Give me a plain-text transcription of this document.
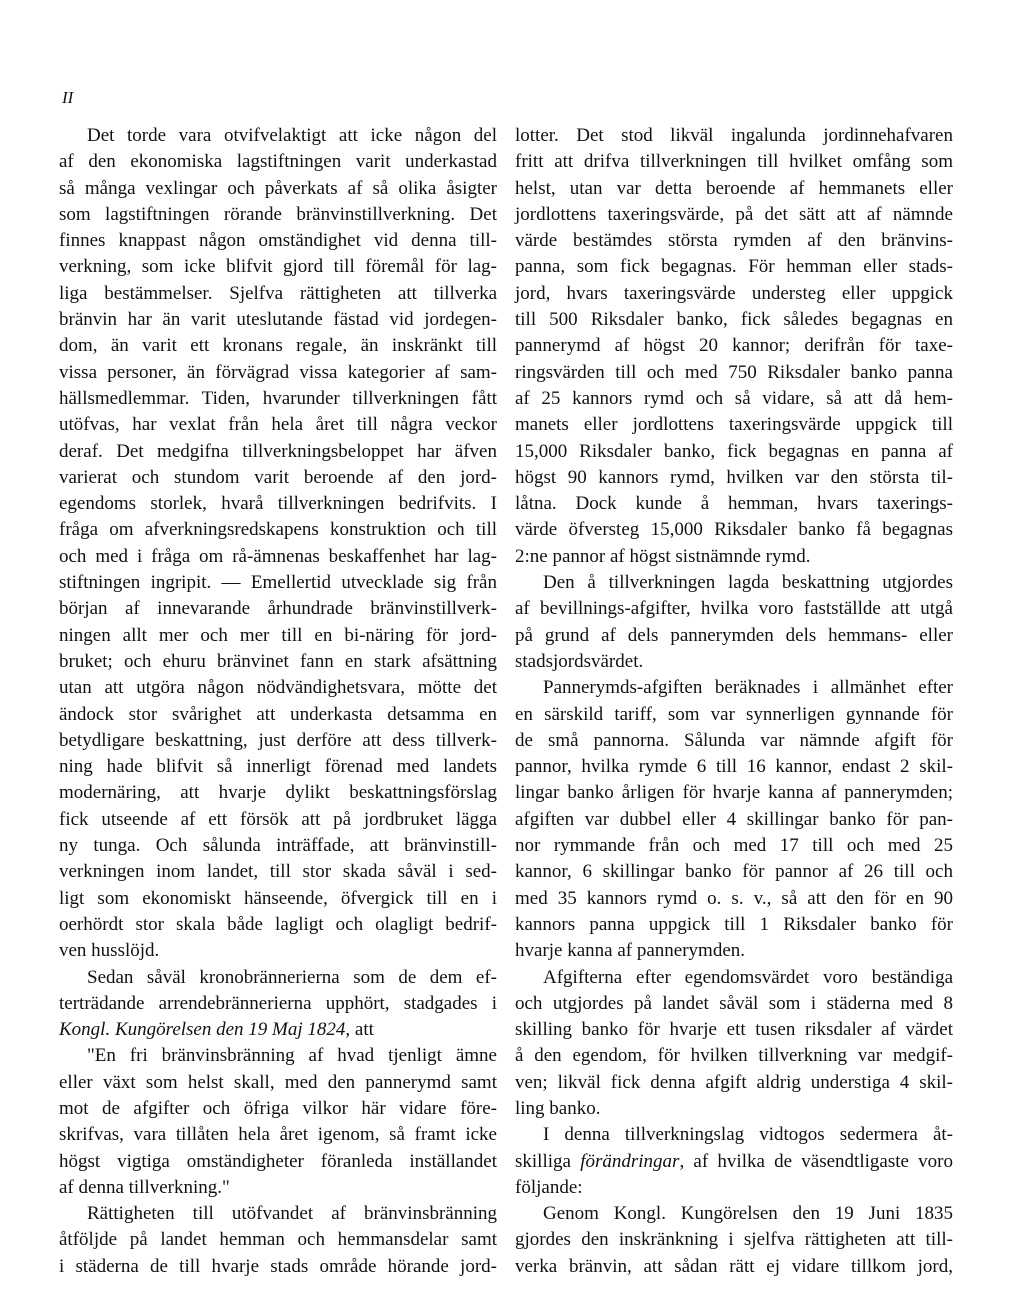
II
Det torde vara otvifvelaktigt att icke någon del
af den ekonomiska lagstiftningen varit underkastad
så många vexlingar och påverkats af så olika åsigter
som lagstiftningen rörande bränvinstillverkning. Det
finnes knappast någon omständighet vid denna till-
verkning, som icke blifvit gjord till föremål för lag-
liga bestämmelser. Sjelfva rättigheten att tillverka
bränvin har än varit uteslutande fästad vid jordegen-
dom, än varit ett kronans regale, än inskränkt till
vissa personer, än förvägrad vissa kategorier af sam-
hällsmedlemmar. Tiden, hvarunder tillverkningen fått
utöfvas, har vexlat från hela året till några veckor
deraf. Det medgifna tillverkningsbeloppet har äfven
varierat och stundom varit beroende af den jord-
egendoms storlek, hvarå tillverkningen bedrifvits. I
fråga om afverkningsredskapens konstruktion och till
och med i fråga om rå-ämnenas beskaffenhet har lag-
stiftningen ingripit. — Emellertid utvecklade sig från
början af innevarande århundrade bränvinstillverk-
ningen allt mer och mer till en bi-näring för jord-
bruket; och ehuru bränvinet fann en stark afsättning
utan att utgöra någon nödvändighetsvara, mötte det
ändock stor svårighet att underkasta detsamma en
betydligare beskattning, just derföre att dess tillverk-
ning hade blifvit så innerligt förenad med landets
modernäring, att hvarje dylikt beskattningsförslag
fick utseende af ett försök att på jordbruket lägga
ny tunga. Och sålunda inträffade, att bränvinstill-
verkningen inom landet, till stor skada såväl i sed-
ligt som ekonomiskt hänseende, öfvergick till en i
oerhördt stor skala både lagligt och olagligt bedrif-
ven husslöjd.
Sedan såväl kronobrännerierna som de dem ef-
terträdande arrendebrännerierna upphört, stadgades i
Kongl. Kungörelsen den 19 Maj 1824, att
"En fri bränvinsbränning af hvad tjenligt ämne
eller växt som helst skall, med den pannerymd samt
mot de afgifter och öfriga vilkor här vidare före-
skrifvas, vara tillåten hela året igenom, så framt icke
högst vigtiga omständigheter föranleda inställandet
af denna tillverkning."
Rättigheten till utöfvandet af bränvinsbränning
åtföljde på landet hemman och hemmansdelar samt
i städerna de till hvarje stads område hörande jord-
lotter. Det stod likväl ingalunda jordinnehafvaren
fritt att drifva tillverkningen till hvilket omfång som
helst, utan var detta beroende af hemmanets eller
jordlottens taxeringsvärde, på det sätt att af nämnde
värde bestämdes största rymden af den bränvins-
panna, som fick begagnas. För hemman eller stads-
jord, hvars taxeringsvärde understeg eller uppgick
till 500 Riksdaler banko, fick således begagnas en
pannerymd af högst 20 kannor; derifrån för taxe-
ringsvärden till och med 750 Riksdaler banko panna
af 25 kannors rymd och så vidare, så att då hem-
manets eller jordlottens taxeringsvärde uppgick till
15,000 Riksdaler banko, fick begagnas en panna af
högst 90 kannors rymd, hvilken var den största til-
låtna. Dock kunde å hemman, hvars taxerings-
värde öfversteg 15,000 Riksdaler banko få begagnas
2:ne pannor af högst sistnämnde rymd.
Den å tillverkningen lagda beskattning utgjordes
af bevillnings-afgifter, hvilka voro fastställde att utgå
på grund af dels pannerymden dels hemmans- eller
stadsjordsvärdet.
Pannerymds-afgiften beräknades i allmänhet efter
en särskild tariff, som var synnerligen gynnande för
de små pannorna. Sålunda var nämnde afgift för
pannor, hvilka rymde 6 till 16 kannor, endast 2 skil-
lingar banko årligen för hvarje kanna af pannerymden;
afgiften var dubbel eller 4 skillingar banko för pan-
nor rymmande från och med 17 till och med 25
kannor, 6 skillingar banko för pannor af 26 till och
med 35 kannors rymd o. s. v., så att den för en 90
kannors panna uppgick till 1 Riksdaler banko för
hvarje kanna af pannerymden.
Afgifterna efter egendomsvärdet voro beständiga
och utgjordes på landet såväl som i städerna med 8
skilling banko för hvarje ett tusen riksdaler af värdet
å den egendom, för hvilken tillverkning var medgif-
ven; likväl fick denna afgift aldrig understiga 4 skil-
ling banko.
I denna tillverkningslag vidtogos sedermera åt-
skilliga förändringar, af hvilka de väsendtligaste voro
följande:
Genom Kongl. Kungörelsen den 19 Juni 1835
gjordes den inskränkning i sjelfva rättigheten att till-
verka bränvin, att sådan rätt ej vidare tillkom jord,
